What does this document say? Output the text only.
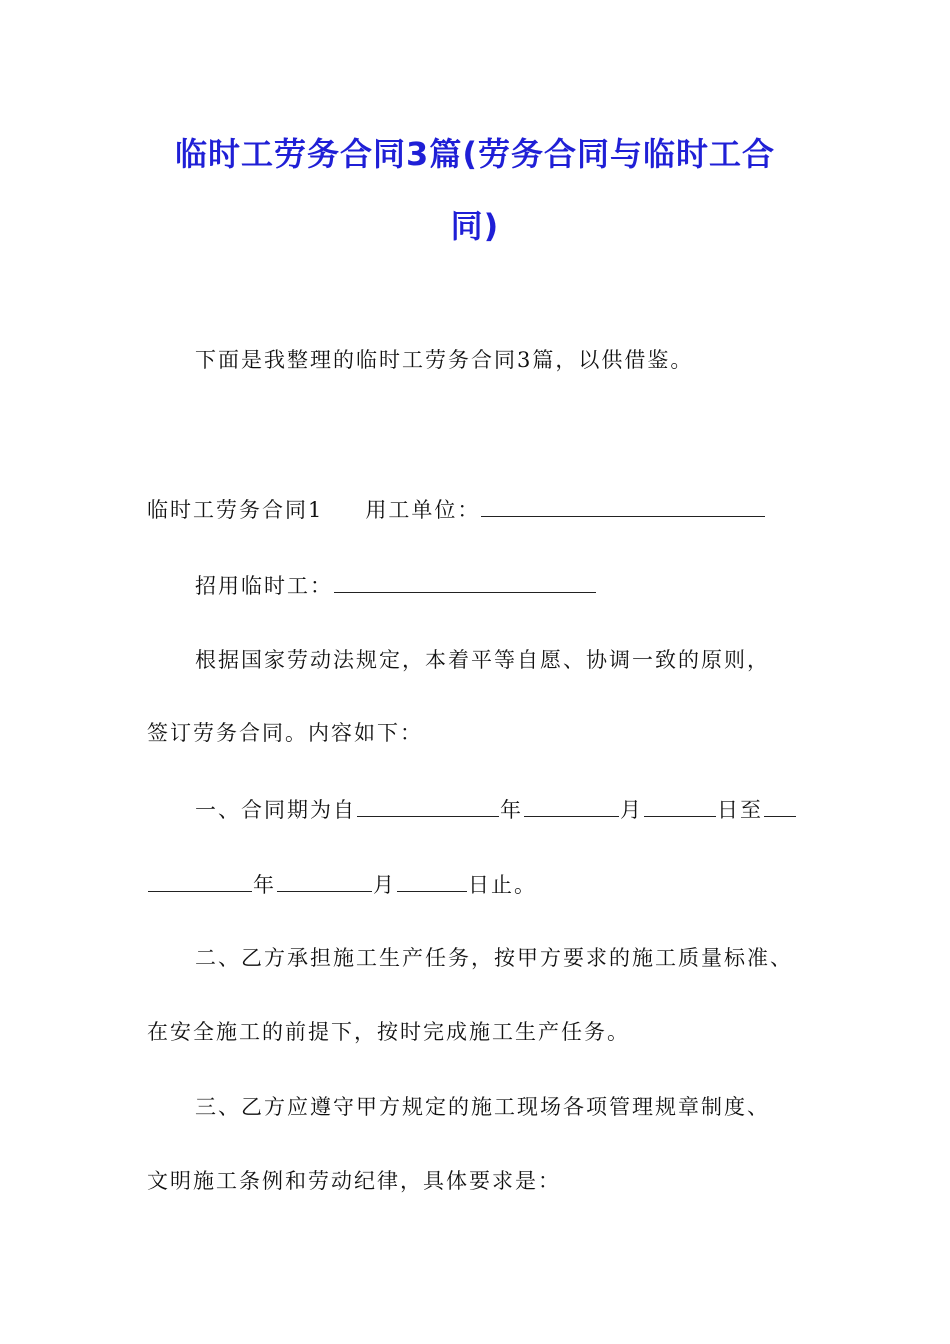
临时工劳务合同3篇(劳务合同与临时工合
同)

下面是我整理的临时工劳务合同3篇，以供借鉴。

临时工劳务合同1 用工单位：

招用临时工：

根据国家劳动法规定，本着平等自愿、协调一致的原则，

签订劳务合同。内容如下：

一、合同期为自	年	月	日至

年	月	日止。

二、乙方承担施工生产任务，按甲方要求的施工质量标准、

在安全施工的前提下，按时完成施工生产任务。

三、乙方应遵守甲方规定的施工现场各项管理规章制度、

文明施工条例和劳动纪律，具体要求是：
